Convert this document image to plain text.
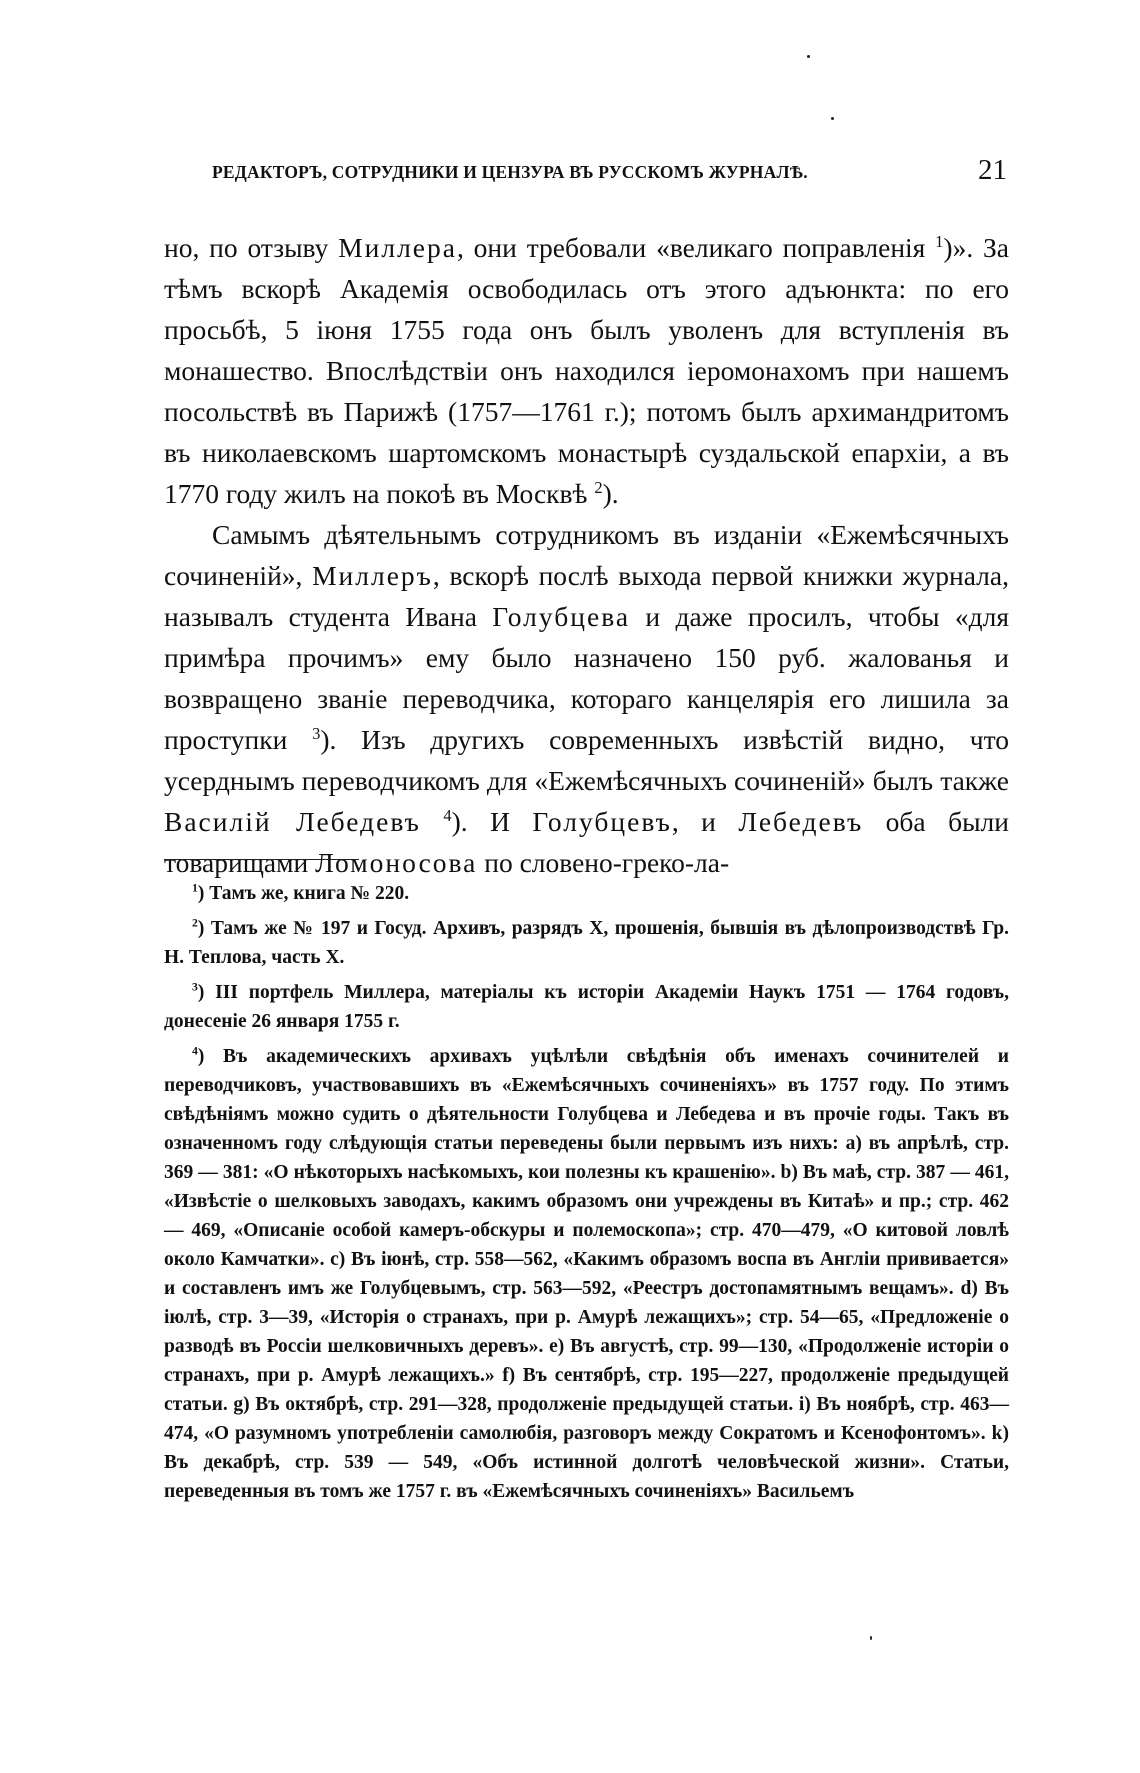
РЕДАКТОРЪ, СОТРУДНИКИ И ЦЕНЗУРА ВЪ РУССКОМЪ ЖУРНАЛѢ.	21

но, по отзыву Миллера, они требовали «великаго поправленія $^1$)». За тѣмъ вскорѣ Академія освободилась отъ этого адъюнкта: по его просьбѣ, 5 іюня 1755 года онъ былъ уволенъ для вступленія въ монашество. Впослѣдствіи онъ находился іеромонахомъ при нашемъ посольствѣ въ Парижѣ (1757—1761 г.); потомъ былъ архимандритомъ въ николаевскомъ шартомскомъ монастырѣ суздальской епархіи, а въ 1770 году жилъ на покоѣ въ Москвѣ $^2$).

Самымъ дѣятельнымъ сотрудникомъ въ изданіи «Ежемѣсячныхъ сочиненій», Миллеръ, вскорѣ послѣ выхода первой книжки журнала, называлъ студента Ивана Голубцева и даже просилъ, чтобы «для примѣра прочимъ» ему было назначено 150 руб. жалованья и возвращено званіе переводчика, котораго канцелярія его лишила за проступки $^3$). Изъ другихъ современныхъ извѣстій видно, что усерднымъ переводчикомъ для «Ежемѣсячныхъ сочиненій» былъ также Василій Лебедевъ $^4$). И Голубцевъ, и Лебедевъ оба были товарищами Ломоносова по словено-греко-ла-

$^1$) Тамъ же, книга № 220.

$^2$) Тамъ же № 197 и Госуд. Архивъ, разрядъ X, прошенія, бывшія въ дѣлопроизводствѣ Гр. Н. Теплова, часть X.

$^3$) III портфель Миллера, матеріалы къ исторіи Академіи Наукъ 1751 — 1764 годовъ, донесеніе 26 января 1755 г.

$^4$) Въ академическихъ архивахъ уцѣлѣли свѣдѣнія объ именахъ сочинителей и переводчиковъ, участвовавшихъ въ «Ежемѣсячныхъ сочиненіяхъ» въ 1757 году. По этимъ свѣдѣніямъ можно судить о дѣятельности Голубцева и Лебедева и въ прочіе годы. Такъ въ означенномъ году слѣдующія статьи переведены были первымъ изъ нихъ: a) въ апрѣлѣ, стр. 369 — 381: «О нѣкоторыхъ насѣкомыхъ, кои полезны къ крашенію». b) Въ маѣ, стр. 387 — 461, «Извѣстіе о шелковыхъ заводахъ, какимъ образомъ они учреждены въ Китаѣ» и пр.; стр. 462 — 469, «Описаніе особой камеръ-обскуры и полемоскопа»; стр. 470—479, «О китовой ловлѣ около Камчатки». c) Въ іюнѣ, стр. 558—562, «Какимъ образомъ воспа въ Англіи прививается» и составленъ имъ же Голубцевымъ, стр. 563—592, «Реестръ достопамятнымъ вещамъ». d) Въ іюлѣ, стр. 3—39, «Исторія о странахъ, при р. Амурѣ лежащихъ»; стр. 54—65, «Предложеніе о разводѣ въ Россіи шелковичныхъ деревъ». e) Въ августѣ, стр. 99—130, «Продолженіе исторіи о странахъ, при р. Амурѣ лежащихъ.» f) Въ сентябрѣ, стр. 195—227, продолженіе предыдущей статьи. g) Въ октябрѣ, стр. 291—328, продолженіе предыдущей статьи. i) Въ ноябрѣ, стр. 463—474, «О разумномъ употребленіи самолюбія, разговоръ между Сократомъ и Ксенофонтомъ». k) Въ декабрѣ, стр. 539 — 549, «Объ истинной долготѣ человѣческой жизни». Статьи, переведенныя въ томъ же 1757 г. въ «Ежемѣсячныхъ сочиненіяхъ» Васильемъ
